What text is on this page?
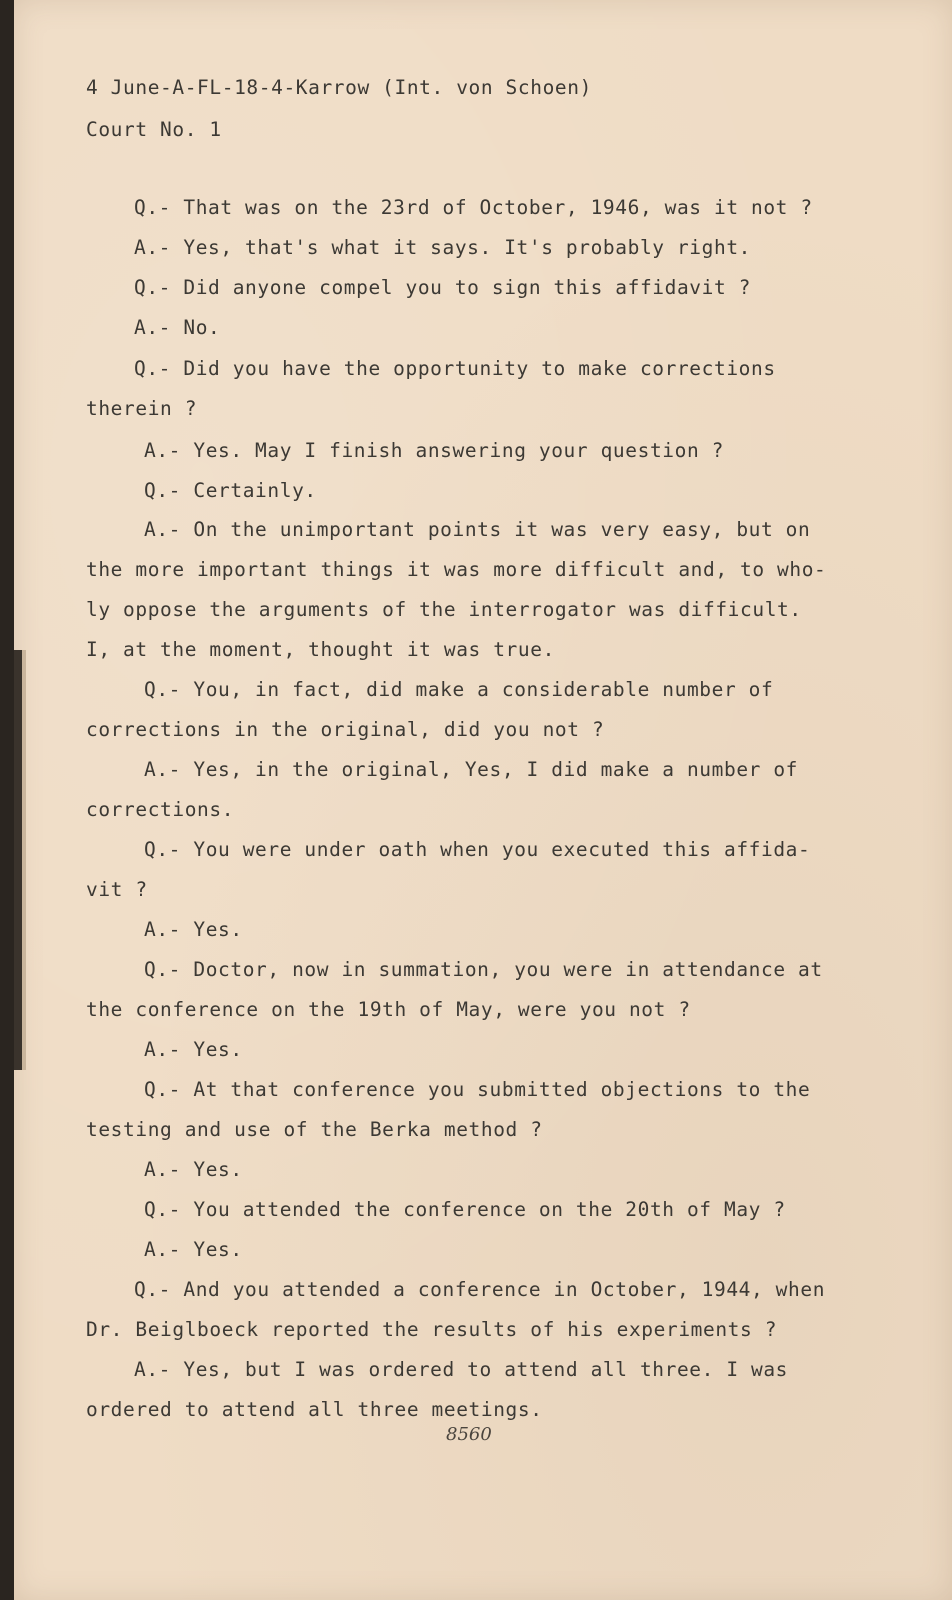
4 June-A-FL-18-4-Karrow (Int. von Schoen)

Court No. 1

Q.- That was on the 23rd of October, 1946, was it not ?

A.- Yes, that's what it says. It's probably right.

Q.- Did anyone compel you to sign this affidavit ?

A.- No.

Q.- Did you have the opportunity to make corrections

therein ?

A.- Yes. May I finish answering your question ?

Q.- Certainly.

A.- On the unimportant points it was very easy, but on

the more important things it was more difficult and, to who-

ly oppose the arguments of the interrogator was difficult.

I, at the moment, thought it was true.

Q.- You, in fact, did make a considerable number of

corrections in the original, did you not ?

A.- Yes, in the original, Yes, I did make a number of

corrections.

Q.- You were under oath when you executed this affida-

vit ?

A.- Yes.

Q.- Doctor, now in summation, you were in attendance at

the conference on the 19th of May, were you not ?

A.- Yes.

Q.- At that conference you submitted objections to the

testing and use of the Berka method ?

A.- Yes.

Q.- You attended the conference on the 20th of May ?

A.- Yes.

Q.- And you attended a conference in October, 1944, when

Dr. Beiglboeck reported the results of his experiments ?

A.- Yes, but I was ordered to attend all three. I was

ordered to attend all three meetings.

8560
